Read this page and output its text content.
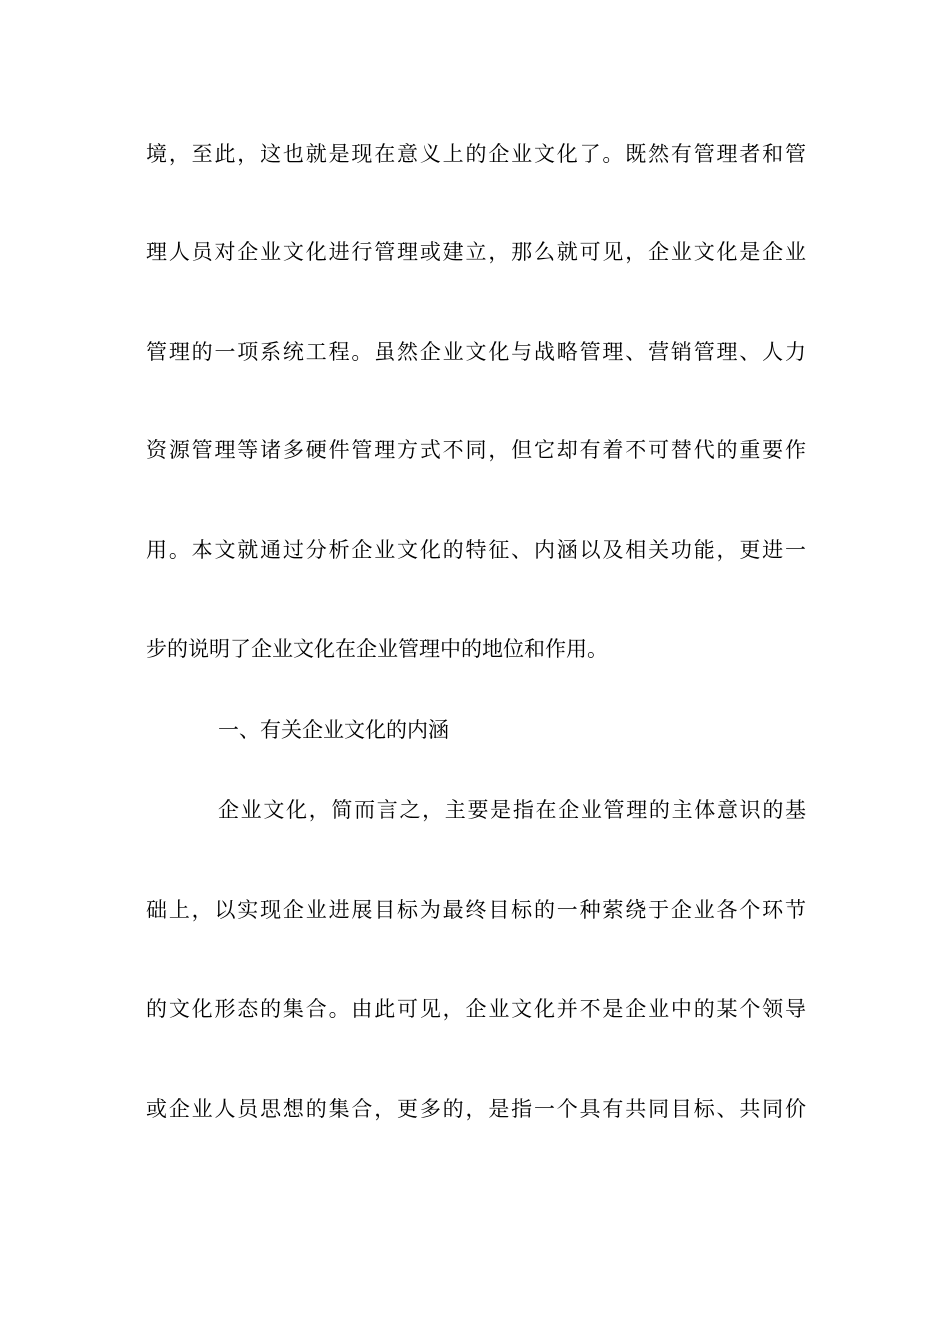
境，至此，这也就是现在意义上的企业文化了。既然有管理者和管
理人员对企业文化进行管理或建立，那么就可见，企业文化是企业
管理的一项系统工程。虽然企业文化与战略管理、营销管理、人力
资源管理等诸多硬件管理方式不同，但它却有着不可替代的重要作
用。本文就通过分析企业文化的特征、内涵以及相关功能，更进一
步的说明了企业文化在企业管理中的地位和作用。
一、有关企业文化的内涵
企业文化，简而言之，主要是指在企业管理的主体意识的基
础上，以实现企业进展目标为最终目标的一种萦绕于企业各个环节
的文化形态的集合。由此可见，企业文化并不是企业中的某个领导
或企业人员思想的集合，更多的，是指一个具有共同目标、共同价
